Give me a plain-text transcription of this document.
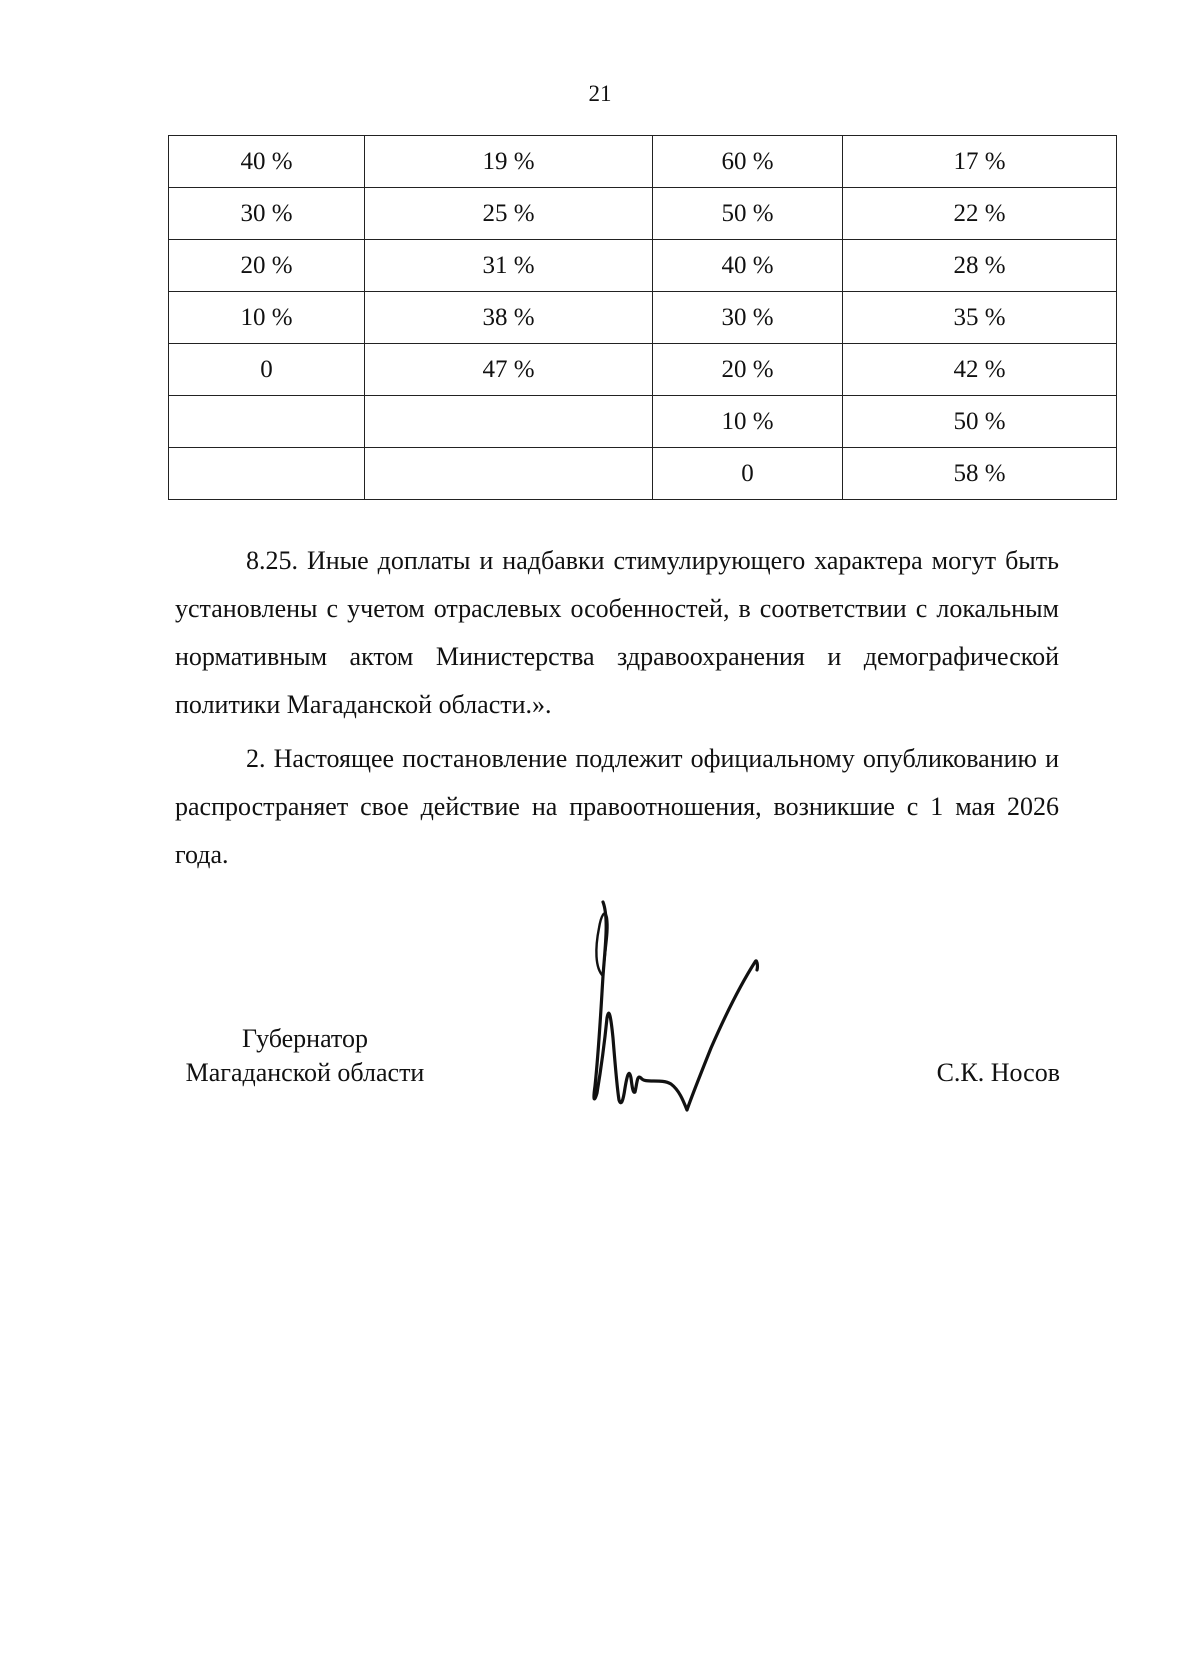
21
40 %	19 %	60 %	17 %
30 %	25 %	50 %	22 %
20 %	31 %	40 %	28 %
10 %	38 %	30 %	35 %
0	47 %	20 %	42 %
		10 %	50 %
		0	58 %
8.25. Иные доплаты и надбавки стимулирующего характера могут быть установлены с учетом отраслевых особенностей, в соответствии с локальным нормативным актом Министерства здравоохранения и демографической политики Магаданской области.».
2. Настоящее постановление подлежит официальному опубликованию и распространяет свое действие на правоотношения, возникшие с 1 мая 2026 года.
Губернатор
Магаданской области	С.К. Носов
